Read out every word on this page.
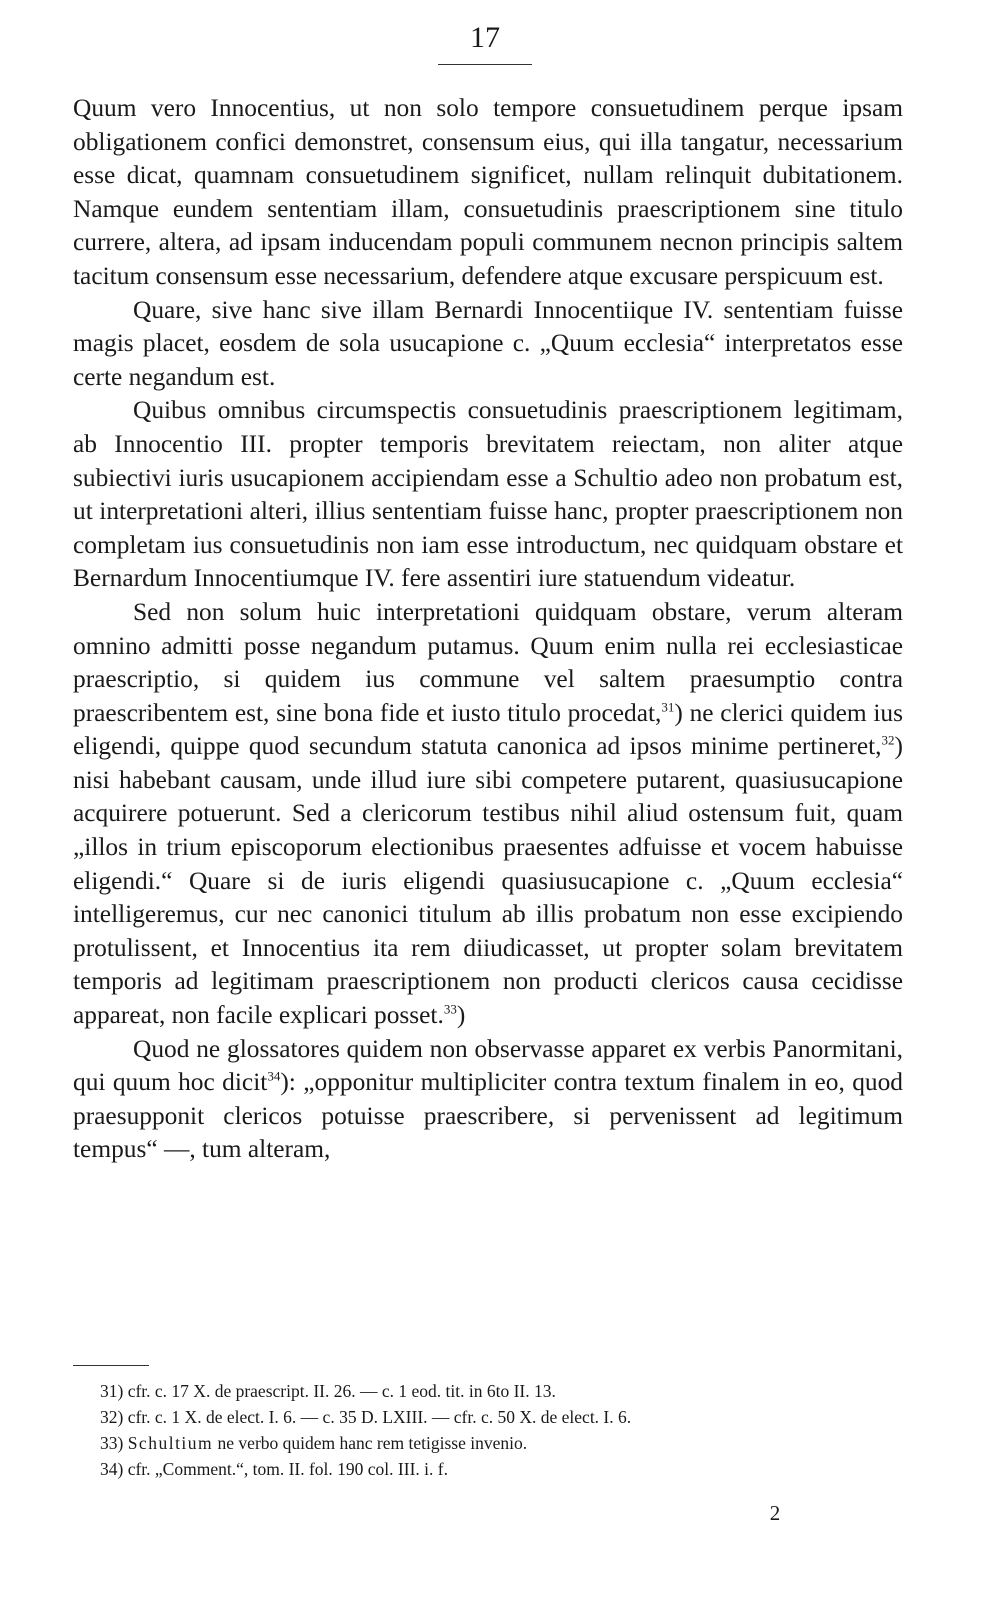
17

Quum vero Innocentius, ut non solo tempore consuetudinem perque ipsam obligationem confici demonstret, consensum eius, qui illa tangatur, necessarium esse dicat, quamnam consuetudinem significet, nullam relinquit dubitationem. Namque eundem sententiam illam, consuetudinis praescriptionem sine titulo currere, altera, ad ipsam inducendam populi communem necnon principis saltem tacitum consensum esse necessarium, defendere atque excusare perspicuum est.

Quare, sive hanc sive illam Bernardi Innocentiique IV. sententiam fuisse magis placet, eosdem de sola usucapione c. „Quum ecclesia“ interpretatos esse certe negandum est.

Quibus omnibus circumspectis consuetudinis praescriptionem legitimam, ab Innocentio III. propter temporis brevitatem reiectam, non aliter atque subiectivi iuris usucapionem accipiendam esse a Schultio adeo non probatum est, ut interpretationi alteri, illius sententiam fuisse hanc, propter praescriptionem non completam ius consuetudinis non iam esse introductum, nec quidquam obstare et Bernardum Innocentiumque IV. fere assentiri iure statuendum videatur.

Sed non solum huic interpretationi quidquam obstare, verum alteram omnino admitti posse negandum putamus. Quum enim nulla rei ecclesiasticae praescriptio, si quidem ius commune vel saltem praesumptio contra praescribentem est, sine bona fide et iusto titulo procedat,$^{31}$) ne clerici quidem ius eligendi, quippe quod secundum statuta canonica ad ipsos minime pertineret,$^{32}$) nisi habebant causam, unde illud iure sibi competere putarent, quasiusucapione acquirere potuerunt. Sed a clericorum testibus nihil aliud ostensum fuit, quam „illos in trium episcoporum electionibus praesentes adfuisse et vocem habuisse eligendi.“ Quare si de iuris eligendi quasiusucapione c. „Quum ecclesia“ intelligeremus, cur nec canonici titulum ab illis probatum non esse excipiendo protulissent, et Innocentius ita rem diiudicasset, ut propter solam brevitatem temporis ad legitimam praescriptionem non producti clericos causa cecidisse appareat, non facile explicari posset.$^{33}$)

Quod ne glossatores quidem non observasse apparet ex verbis Panormitani, qui quum hoc dicit$^{34}$): „opponitur multipliciter contra textum finalem in eo, quod praesupponit clericos potuisse praescribere, si pervenissent ad legitimum tempus“ —, tum alteram,

31) cfr. c. 17 X. de praescript. II. 26. — c. 1 eod. tit. in 6to II. 13.
32) cfr. c. 1 X. de elect. I. 6. — c. 35 D. LXIII. — cfr. c. 50 X. de elect. I. 6.
33) Schultium ne verbo quidem hanc rem tetigisse invenio.
34) cfr. „Comment.“, tom. II. fol. 190 col. III. i. f.
2
